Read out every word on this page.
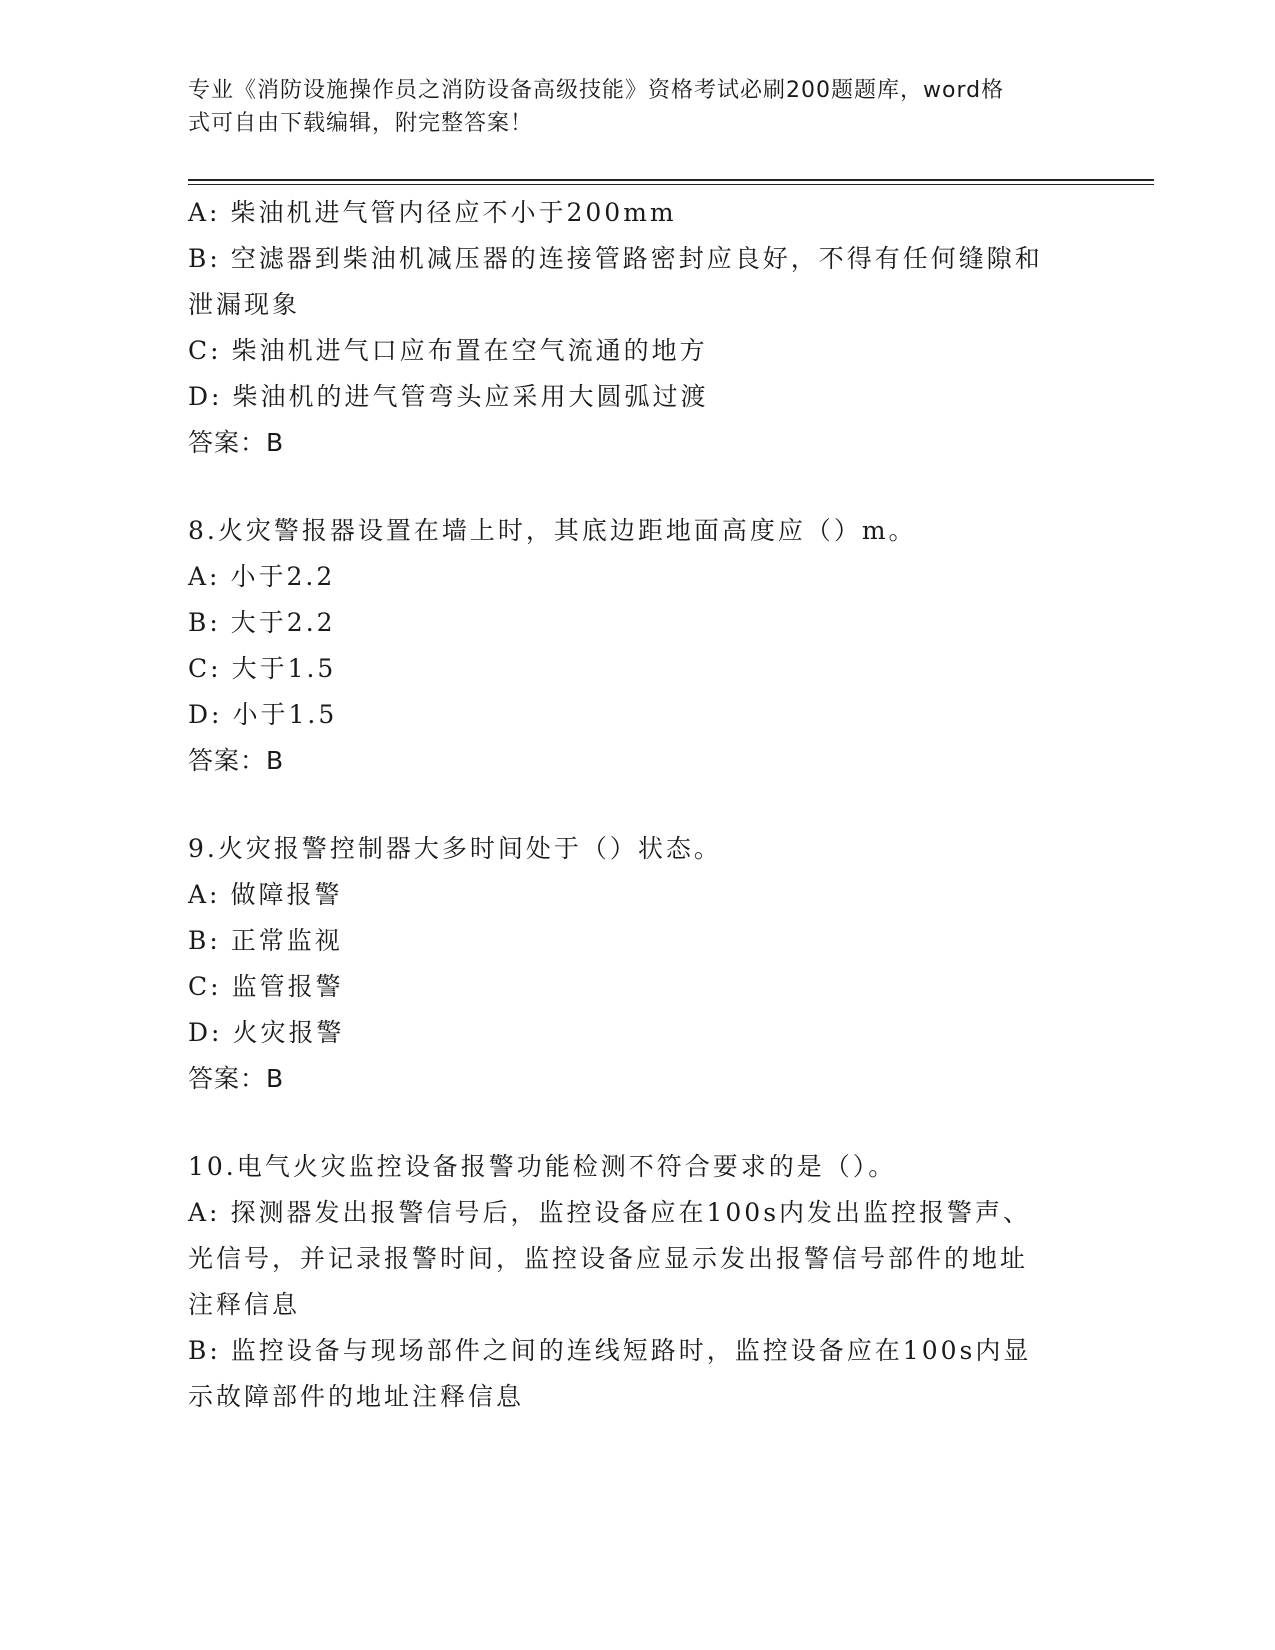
专业《消防设施操作员之消防设备高级技能》资格考试必刷200题题库，word格
式可自由下载编辑，附完整答案！

A: 柴油机进气管内径应不小于200mm

B: 空滤器到柴油机减压器的连接管路密封应良好，不得有任何缝隙和

泄漏现象

C: 柴油机进气口应布置在空气流通的地方

D: 柴油机的进气管弯头应采用大圆弧过渡

答案：B

8.火灾警报器设置在墙上时，其底边距地面高度应（）m。

A: 小于2.2

B: 大于2.2

C: 大于1.5

D: 小于1.5

答案：B

9.火灾报警控制器大多时间处于（）状态。

A: 做障报警

B: 正常监视

C: 监管报警

D: 火灾报警

答案：B

10.电气火灾监控设备报警功能检测不符合要求的是（）。

A: 探测器发出报警信号后，监控设备应在100s内发出监控报警声、

光信号，并记录报警时间，监控设备应显示发出报警信号部件的地址

注释信息

B: 监控设备与现场部件之间的连线短路时，监控设备应在100s内显

示故障部件的地址注释信息
